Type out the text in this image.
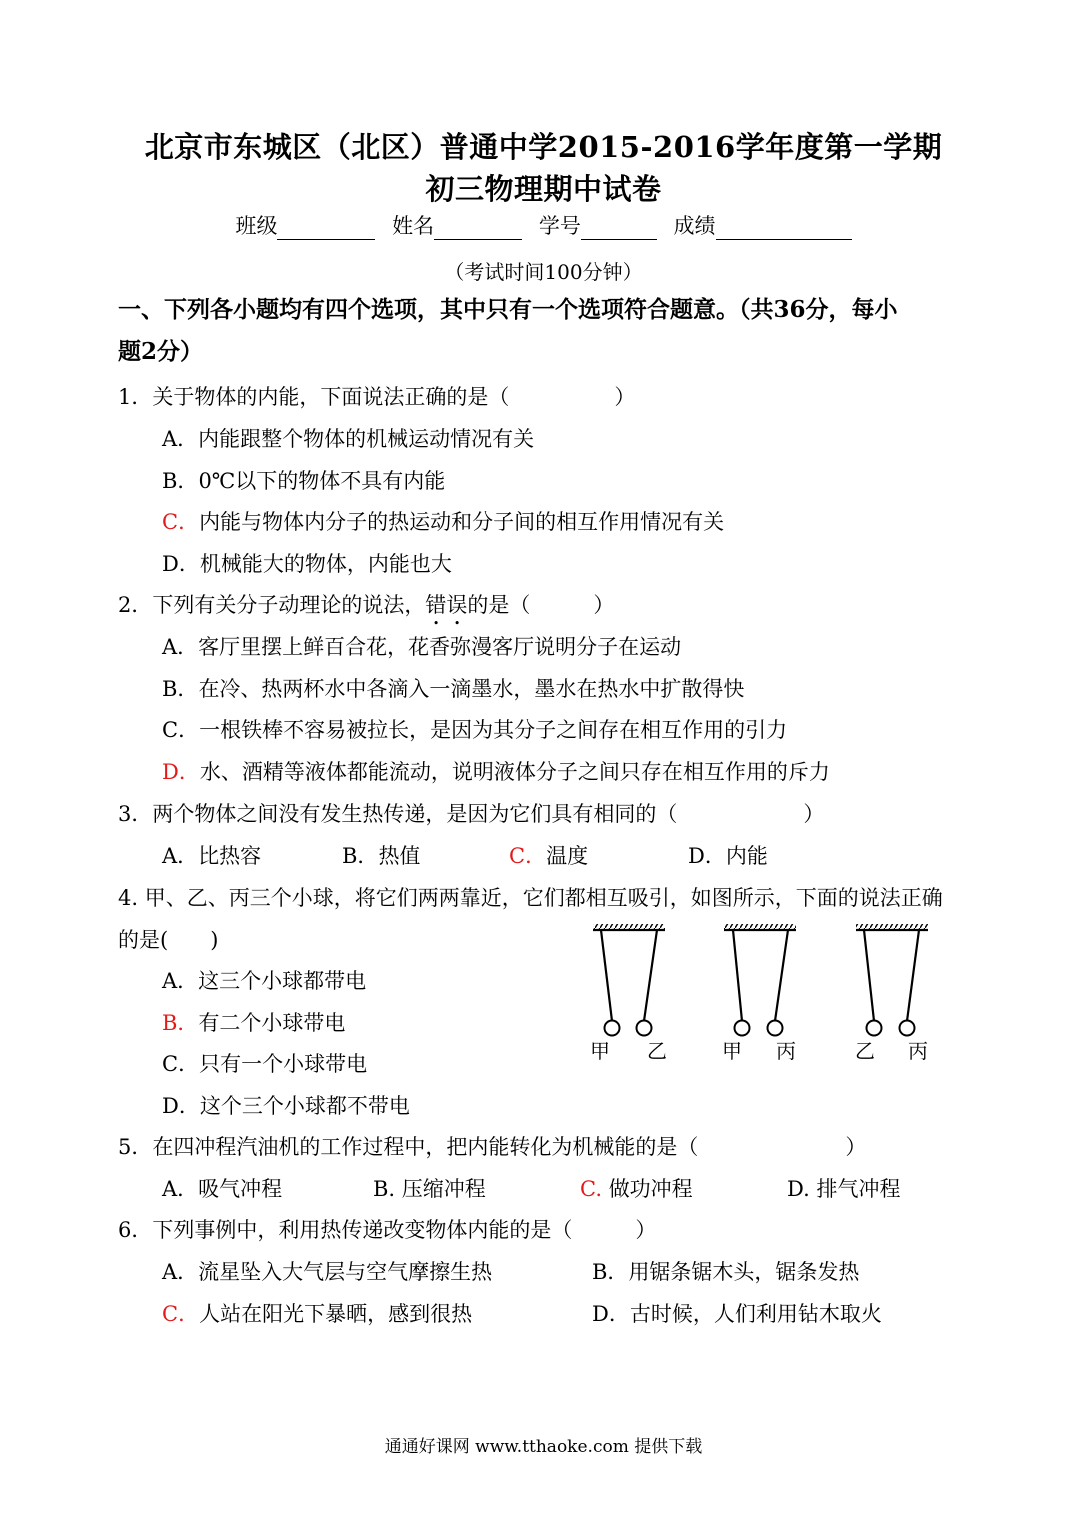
北京市东城区（北区）普通中学2015-2016学年度第一学期
初三物理期中试卷
班级	姓名	学号	成绩
（考试时间100分钟）
一、下列各小题均有四个选项，其中只有一个选项符合题意。（共36分，每小
题2分）
1．关于物体的内能，下面说法正确的是（　　　　　）
A．内能跟整个物体的机械运动情况有关
B．0℃以下的物体不具有内能
C．内能与物体内分子的热运动和分子间的相互作用情况有关
D．机械能大的物体，内能也大
2．下列有关分子动理论的说法，错误的是（　　　）
A．客厅里摆上鲜百合花，花香弥漫客厅说明分子在运动
B．在冷、热两杯水中各滴入一滴墨水，墨水在热水中扩散得快
C．一根铁棒不容易被拉长，是因为其分子之间存在相互作用的引力
D．水、酒精等液体都能流动，说明液体分子之间只存在相互作用的斥力
3．两个物体之间没有发生热传递，是因为它们具有相同的（　　　　　　）
A．比热容	B．热值	C．温度	D．内能
4. 甲、乙、丙三个小球，将它们两两靠近，它们都相互吸引，如图所示，下面的说法正确
的是(　　)
A．这三个小球都带电
B．有二个小球带电
C．只有一个小球带电
D．这个三个小球都不带电
甲 乙	甲 丙	乙 丙
5．在四冲程汽油机的工作过程中，把内能转化为机械能的是（　　　　　　　）
A．吸气冲程	B. 压缩冲程	C. 做功冲程	D. 排气冲程
6．下列事例中，利用热传递改变物体内能的是（　　　）
A．流星坠入大气层与空气摩擦生热	B．用锯条锯木头，锯条发热
C．人站在阳光下暴晒，感到很热	D．古时候，人们利用钻木取火
通通好课网 www.tthaoke.com 提供下载
